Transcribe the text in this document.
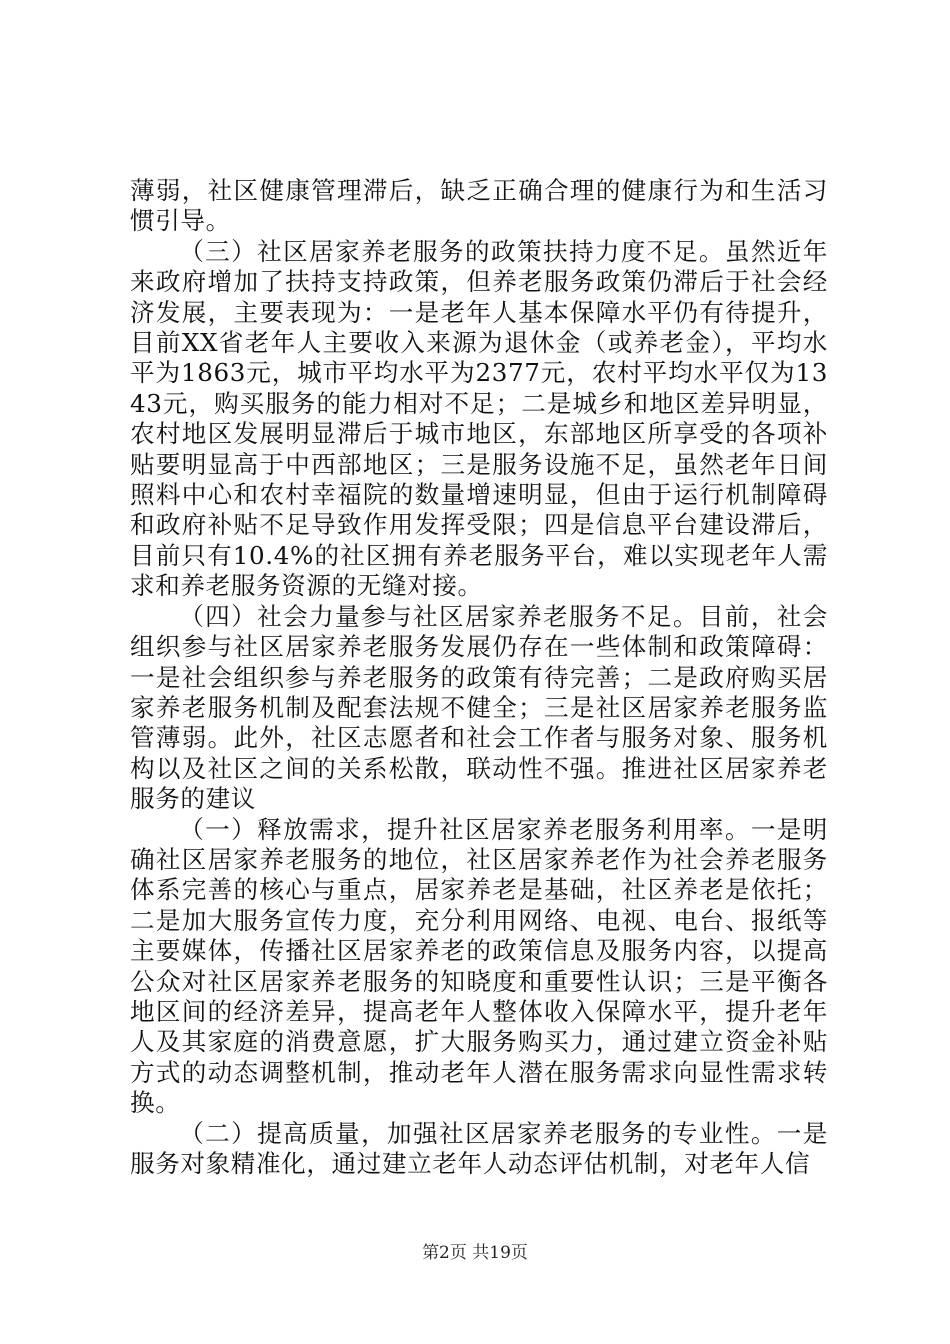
薄弱，社区健康管理滞后，缺乏正确合理的健康行为和生活习惯引导。

（三）社区居家养老服务的政策扶持力度不足。虽然近年来政府增加了扶持支持政策，但养老服务政策仍滞后于社会经济发展，主要表现为：一是老年人基本保障水平仍有待提升，目前XX省老年人主要收入来源为退休金（或养老金），平均水平为1863元，城市平均水平为2377元，农村平均水平仅为1343元，购买服务的能力相对不足；二是城乡和地区差异明显，农村地区发展明显滞后于城市地区，东部地区所享受的各项补贴要明显高于中西部地区；三是服务设施不足，虽然老年日间照料中心和农村幸福院的数量增速明显，但由于运行机制障碍和政府补贴不足导致作用发挥受限；四是信息平台建设滞后，目前只有10.4%的社区拥有养老服务平台，难以实现老年人需求和养老服务资源的无缝对接。

（四）社会力量参与社区居家养老服务不足。目前，社会组织参与社区居家养老服务发展仍存在一些体制和政策障碍：一是社会组织参与养老服务的政策有待完善；二是政府购买居家养老服务机制及配套法规不健全；三是社区居家养老服务监管薄弱。此外，社区志愿者和社会工作者与服务对象、服务机构以及社区之间的关系松散，联动性不强。推进社区居家养老服务的建议

（一）释放需求，提升社区居家养老服务利用率。一是明确社区居家养老服务的地位，社区居家养老作为社会养老服务体系完善的核心与重点，居家养老是基础，社区养老是依托；二是加大服务宣传力度，充分利用网络、电视、电台、报纸等主要媒体，传播社区居家养老的政策信息及服务内容，以提高公众对社区居家养老服务的知晓度和重要性认识；三是平衡各地区间的经济差异，提高老年人整体收入保障水平，提升老年人及其家庭的消费意愿，扩大服务购买力，通过建立资金补贴方式的动态调整机制，推动老年人潜在服务需求向显性需求转换。

（二）提高质量，加强社区居家养老服务的专业性。一是服务对象精准化，通过建立老年人动态评估机制，对老年人信

第2页 共19页
